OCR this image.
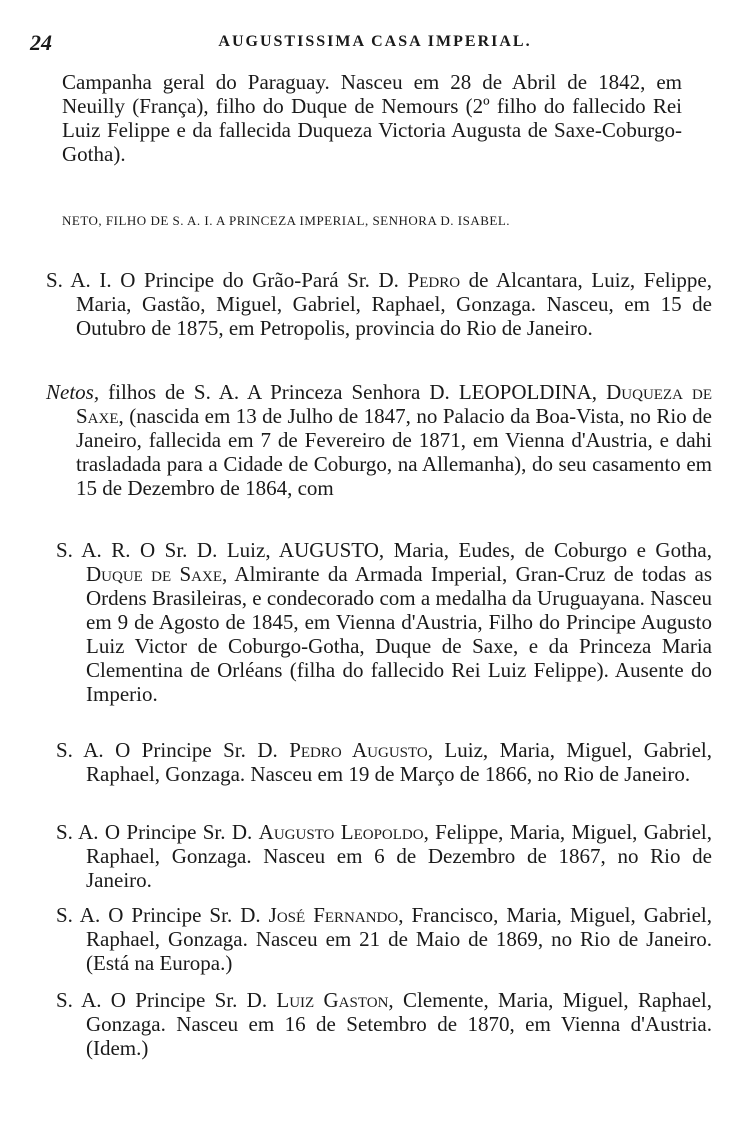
24	AUGUSTISSIMA CASA IMPERIAL.

Campanha geral do Paraguay. Nasceu em 28 de Abril de 1842, em Neuilly (França), filho do Duque de Nemours (2º filho do fallecido Rei Luiz Felippe e da fallecida Duqueza Victoria Augusta de Saxe-Coburgo-Gotha).

NETO, FILHO DE S. A. I. A PRINCEZA IMPERIAL, SENHORA D. ISABEL.

S. A. I. O Principe do Grão-Pará Sr. D. Pedro de Alcantara, Luiz, Felippe, Maria, Gastão, Miguel, Gabriel, Raphael, Gonzaga. Nasceu, em 15 de Outubro de 1875, em Petropolis, provincia do Rio de Janeiro.

Netos, filhos de S. A. A Princeza Senhora D. LEOPOLDINA, Duqueza de Saxe, (nascida em 13 de Julho de 1847, no Palacio da Boa-Vista, no Rio de Janeiro, fallecida em 7 de Fevereiro de 1871, em Vienna d'Austria, e dahi trasladada para a Cidade de Coburgo, na Allemanha), do seu casamento em 15 de Dezembro de 1864, com

S. A. R. O Sr. D. Luiz, AUGUSTO, Maria, Eudes, de Coburgo e Gotha, Duque de Saxe, Almirante da Armada Imperial, Gran-Cruz de todas as Ordens Brasileiras, e condecorado com a medalha da Uruguayana. Nasceu em 9 de Agosto de 1845, em Vienna d'Austria, Filho do Principe Augusto Luiz Victor de Coburgo-Gotha, Duque de Saxe, e da Princeza Maria Clementina de Orléans (filha do fallecido Rei Luiz Felippe). Ausente do Imperio.

S. A. O Principe Sr. D. Pedro Augusto, Luiz, Maria, Miguel, Gabriel, Raphael, Gonzaga. Nasceu em 19 de Março de 1866, no Rio de Janeiro.

S. A. O Principe Sr. D. Augusto Leopoldo, Felippe, Maria, Miguel, Gabriel, Raphael, Gonzaga. Nasceu em 6 de Dezembro de 1867, no Rio de Janeiro.

S. A. O Principe Sr. D. José Fernando, Francisco, Maria, Miguel, Gabriel, Raphael, Gonzaga. Nasceu em 21 de Maio de 1869, no Rio de Janeiro. (Está na Europa.)

S. A. O Principe Sr. D. Luiz Gaston, Clemente, Maria, Miguel, Raphael, Gonzaga. Nasceu em 16 de Setembro de 1870, em Vienna d'Austria. (Idem.)
